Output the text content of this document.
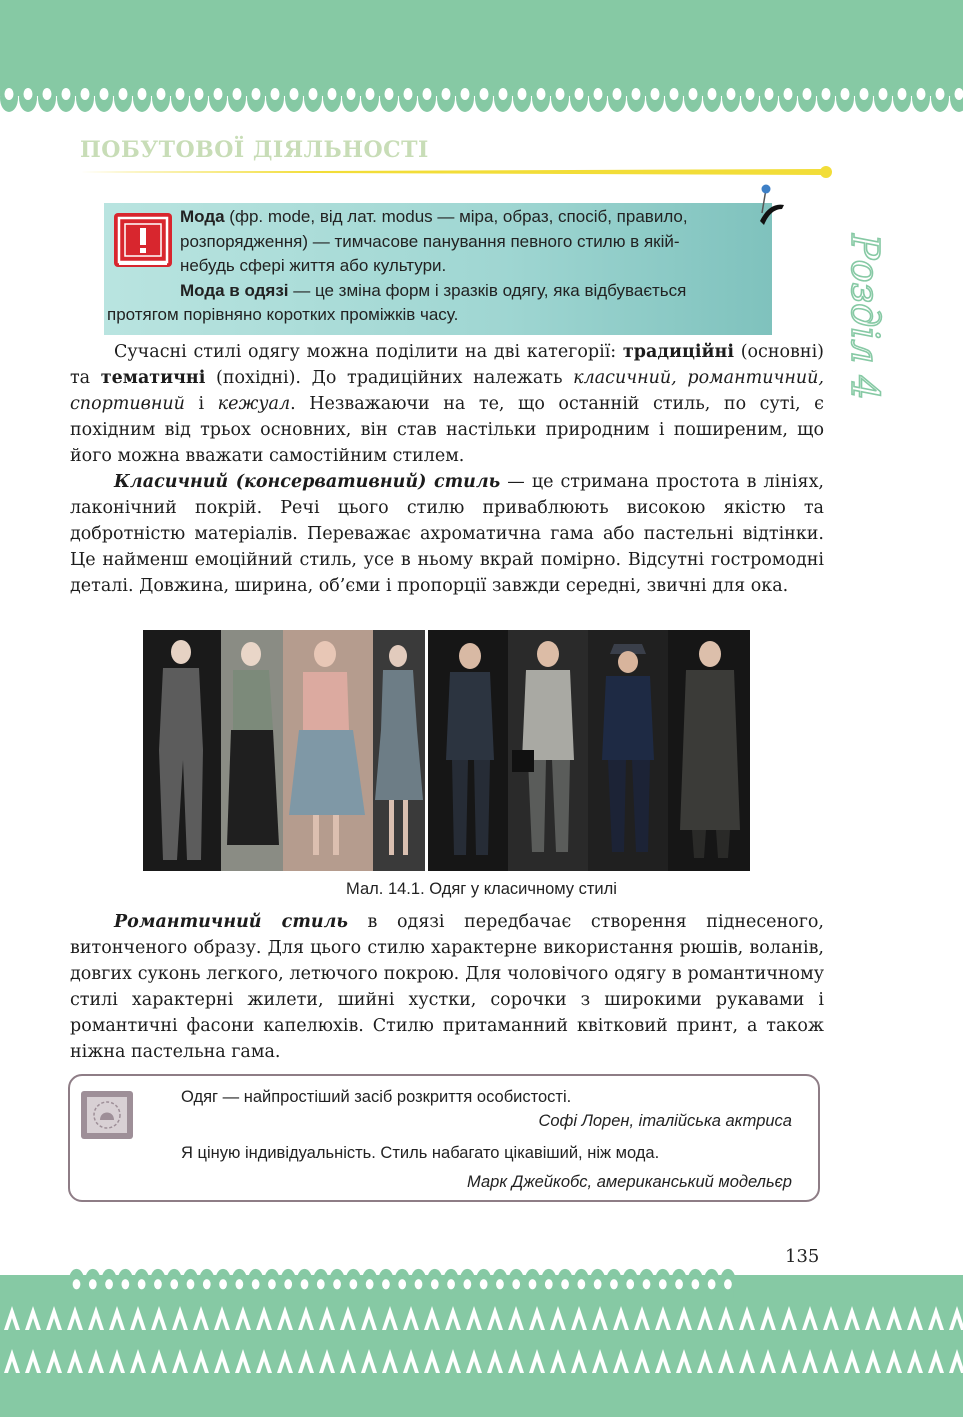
ПОБУТОВОЇ ДІЯЛЬНОСТІ
Розділ 4
Мода (фр. mode, від лат. modus — міра, образ, спосіб, правило,
розпорядження) — тимчасове панування певного стилю в якій-
небудь сфері життя або культури.
Мода в одязі — це зміна форм і зразків одягу, яка відбувається
протягом порівняно коротких проміжків часу.

Сучасні стилі одягу можна поділити на дві категорії: традиційні (основні) та тематичні (похідні). До традиційних належать класичний, романтичний, спортивний і кежуал. Незважаючи на те, що останній стиль, по суті, є похідним від трьох основних, він став настільки природним і поширеним, що його можна вважати самостійним стилем.

Класичний (консервативний) стиль — це стримана простота в лініях, лаконічний покрій. Речі цього стилю приваблюють високою якістю та добротністю матеріалів. Переважає ахроматична гама або пастельні відтінки. Це найменш емоційний стиль, усе в ньому вкрай помірно. Відсутні гостромодні деталі. Довжина, ширина, об’єми і пропорції завжди середні, звичні для ока.

Мал. 14.1. Одяг у класичному стилі

Романтичний стиль в одязі передбачає створення піднесеного, витонченого образу. Для цього стилю характерне використання рюшів, воланів, довгих суконь легкого, летючого покрою. Для чоловічого одягу в романтичному стилі характерні жилети, шийні хустки, сорочки з широкими рукавами і романтичні фасони капелюхів. Стилю притаманний квітковий принт, а також ніжна пастельна гама.

Одяг — найпростіший засіб розкриття особистості.
Софі Лорен, італійська актриса
Я ціную індивідуальність. Стиль набагато цікавіший, ніж мода.
Марк Джейкобс, американський модельєр
135
